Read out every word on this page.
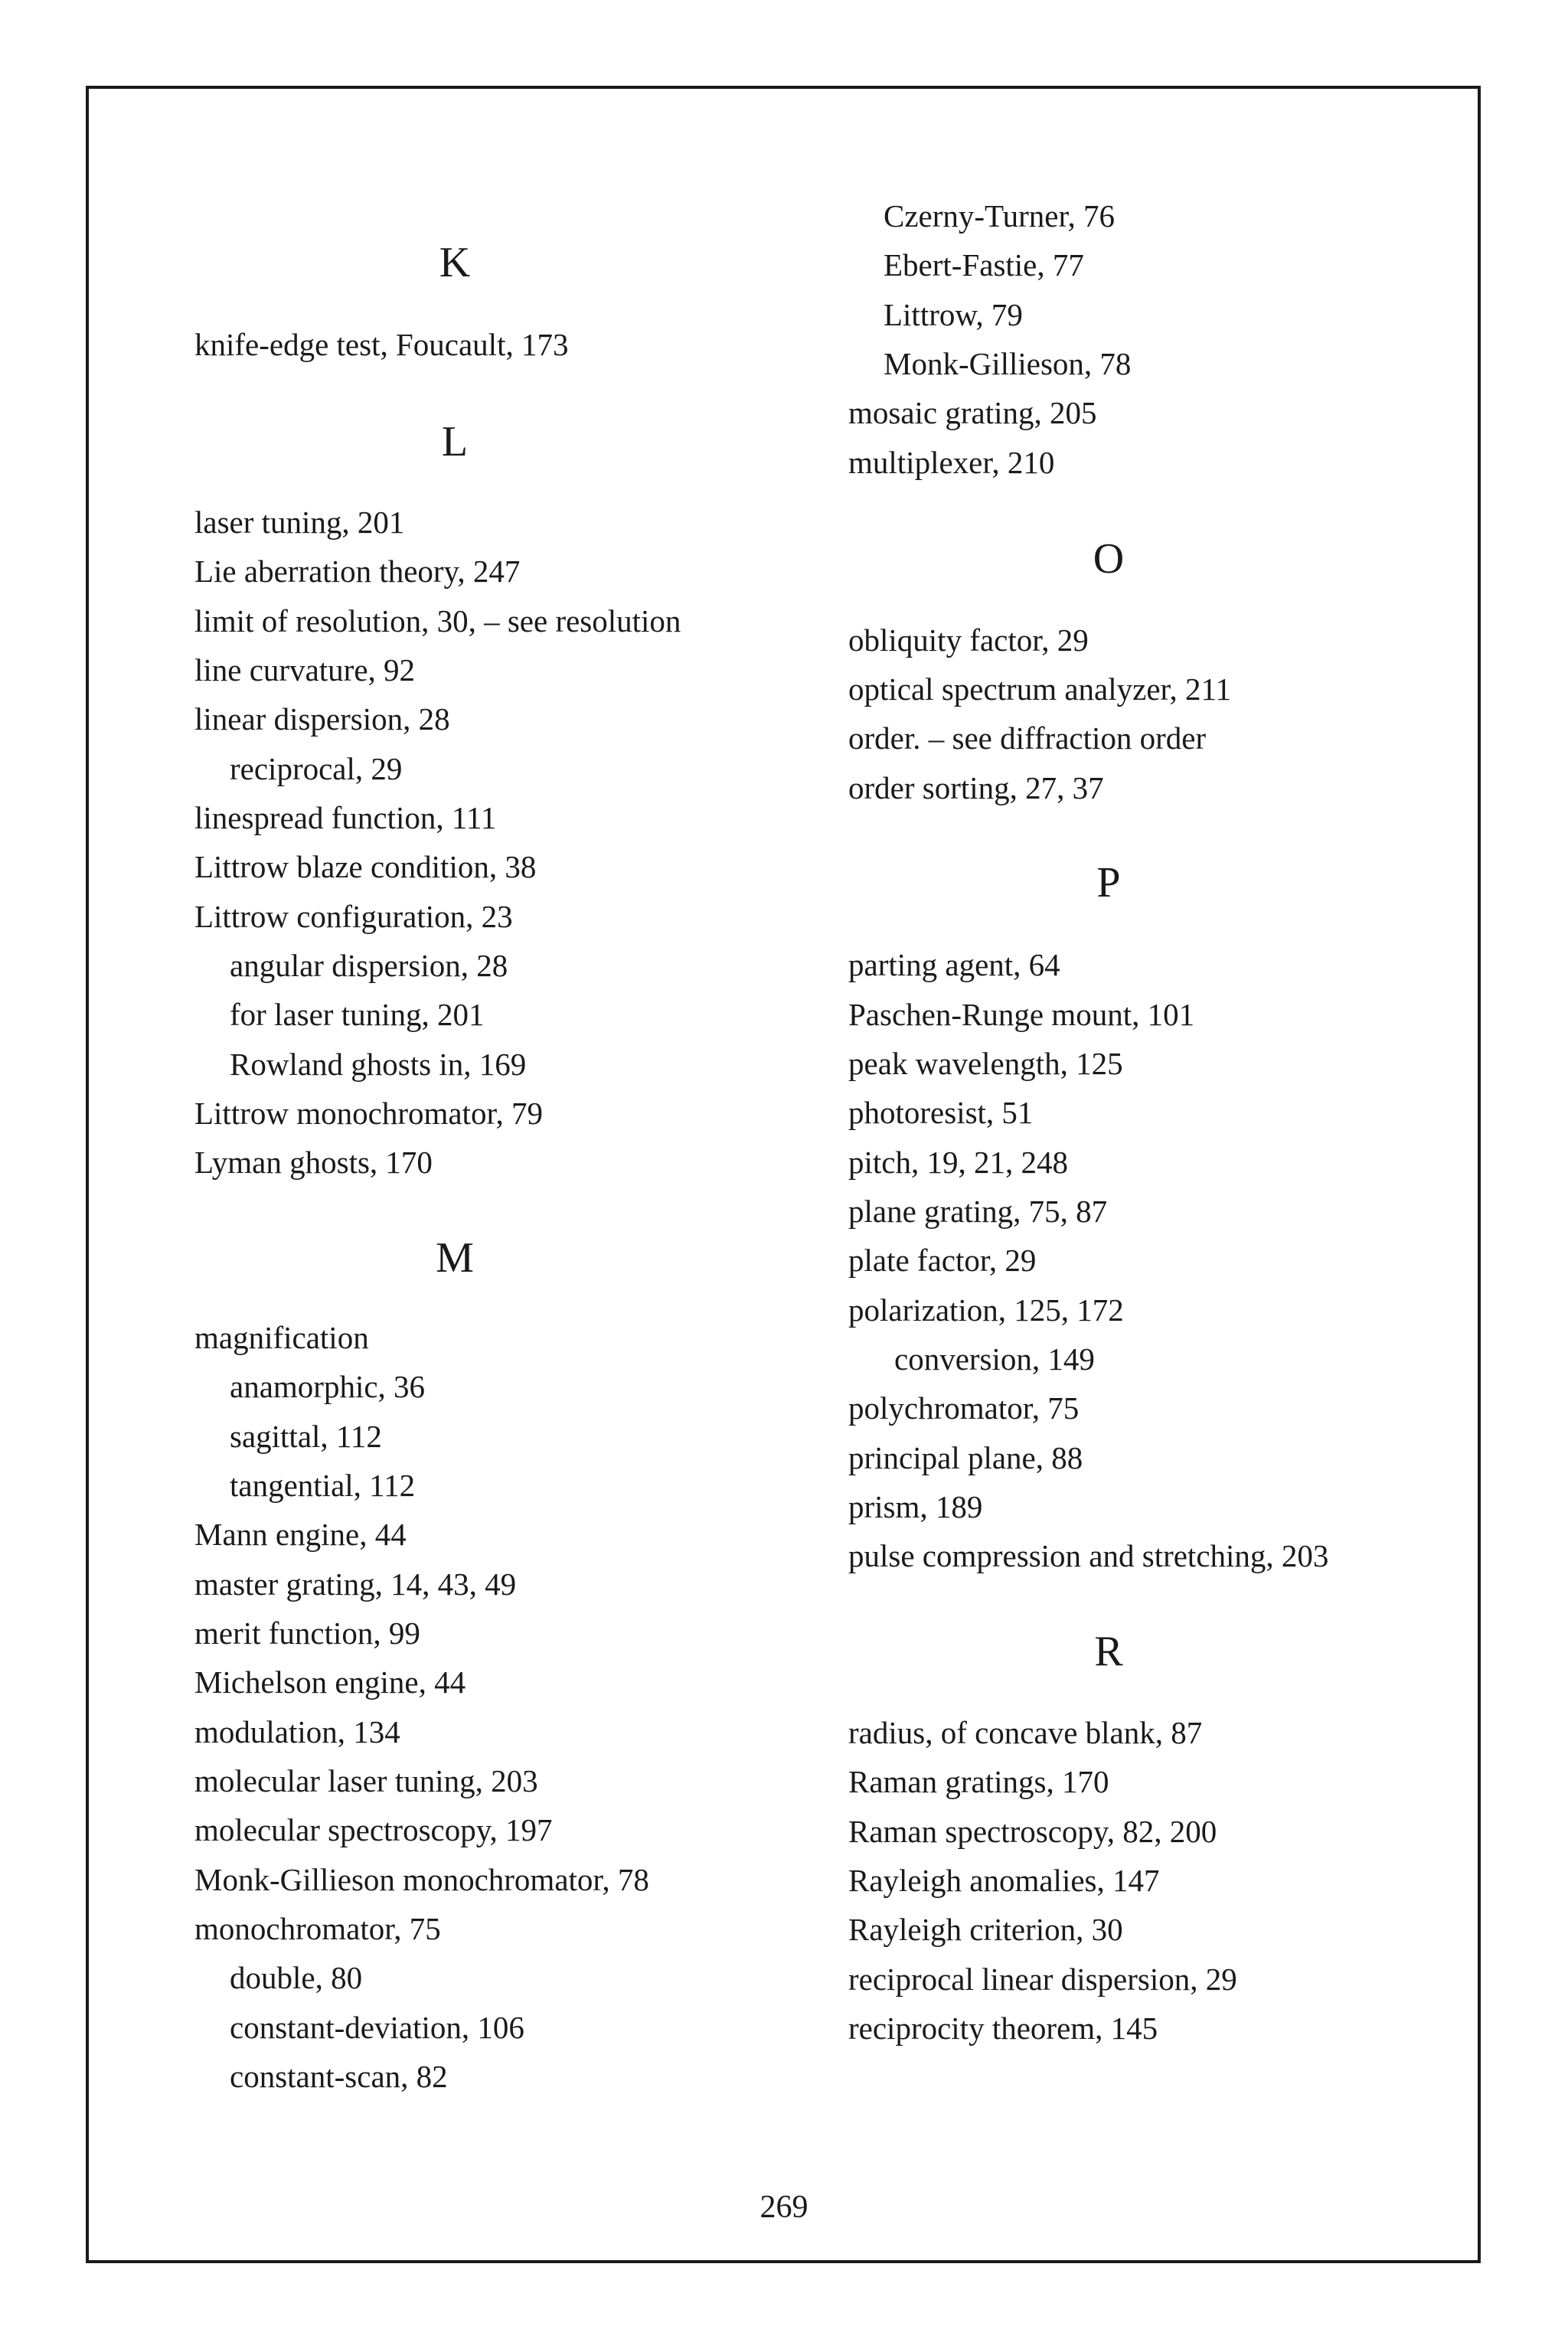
K
knife-edge test, Foucault, 173
L
laser tuning, 201
Lie aberration theory, 247
limit of resolution, 30, – see resolution
line curvature, 92
linear dispersion, 28
reciprocal, 29
linespread function, 111
Littrow blaze condition, 38
Littrow configuration, 23
angular dispersion, 28
for laser tuning, 201
Rowland ghosts in, 169
Littrow monochromator, 79
Lyman ghosts, 170
M
magnification
anamorphic, 36
sagittal, 112
tangential, 112
Mann engine, 44
master grating, 14, 43, 49
merit function, 99
Michelson engine, 44
modulation, 134
molecular laser tuning, 203
molecular spectroscopy, 197
Monk-Gillieson monochromator, 78
monochromator, 75
double, 80
constant-deviation, 106
constant-scan, 82
Czerny-Turner, 76
Ebert-Fastie, 77
Littrow, 79
Monk-Gillieson, 78
mosaic grating, 205
multiplexer, 210
O
obliquity factor, 29
optical spectrum analyzer, 211
order. – see diffraction order
order sorting, 27, 37
P
parting agent, 64
Paschen-Runge mount, 101
peak wavelength, 125
photoresist, 51
pitch, 19, 21, 248
plane grating, 75, 87
plate factor, 29
polarization, 125, 172
conversion, 149
polychromator, 75
principal plane, 88
prism, 189
pulse compression and stretching, 203
R
radius, of concave blank, 87
Raman gratings, 170
Raman spectroscopy, 82, 200
Rayleigh anomalies, 147
Rayleigh criterion, 30
reciprocal linear dispersion, 29
reciprocity theorem, 145
269
